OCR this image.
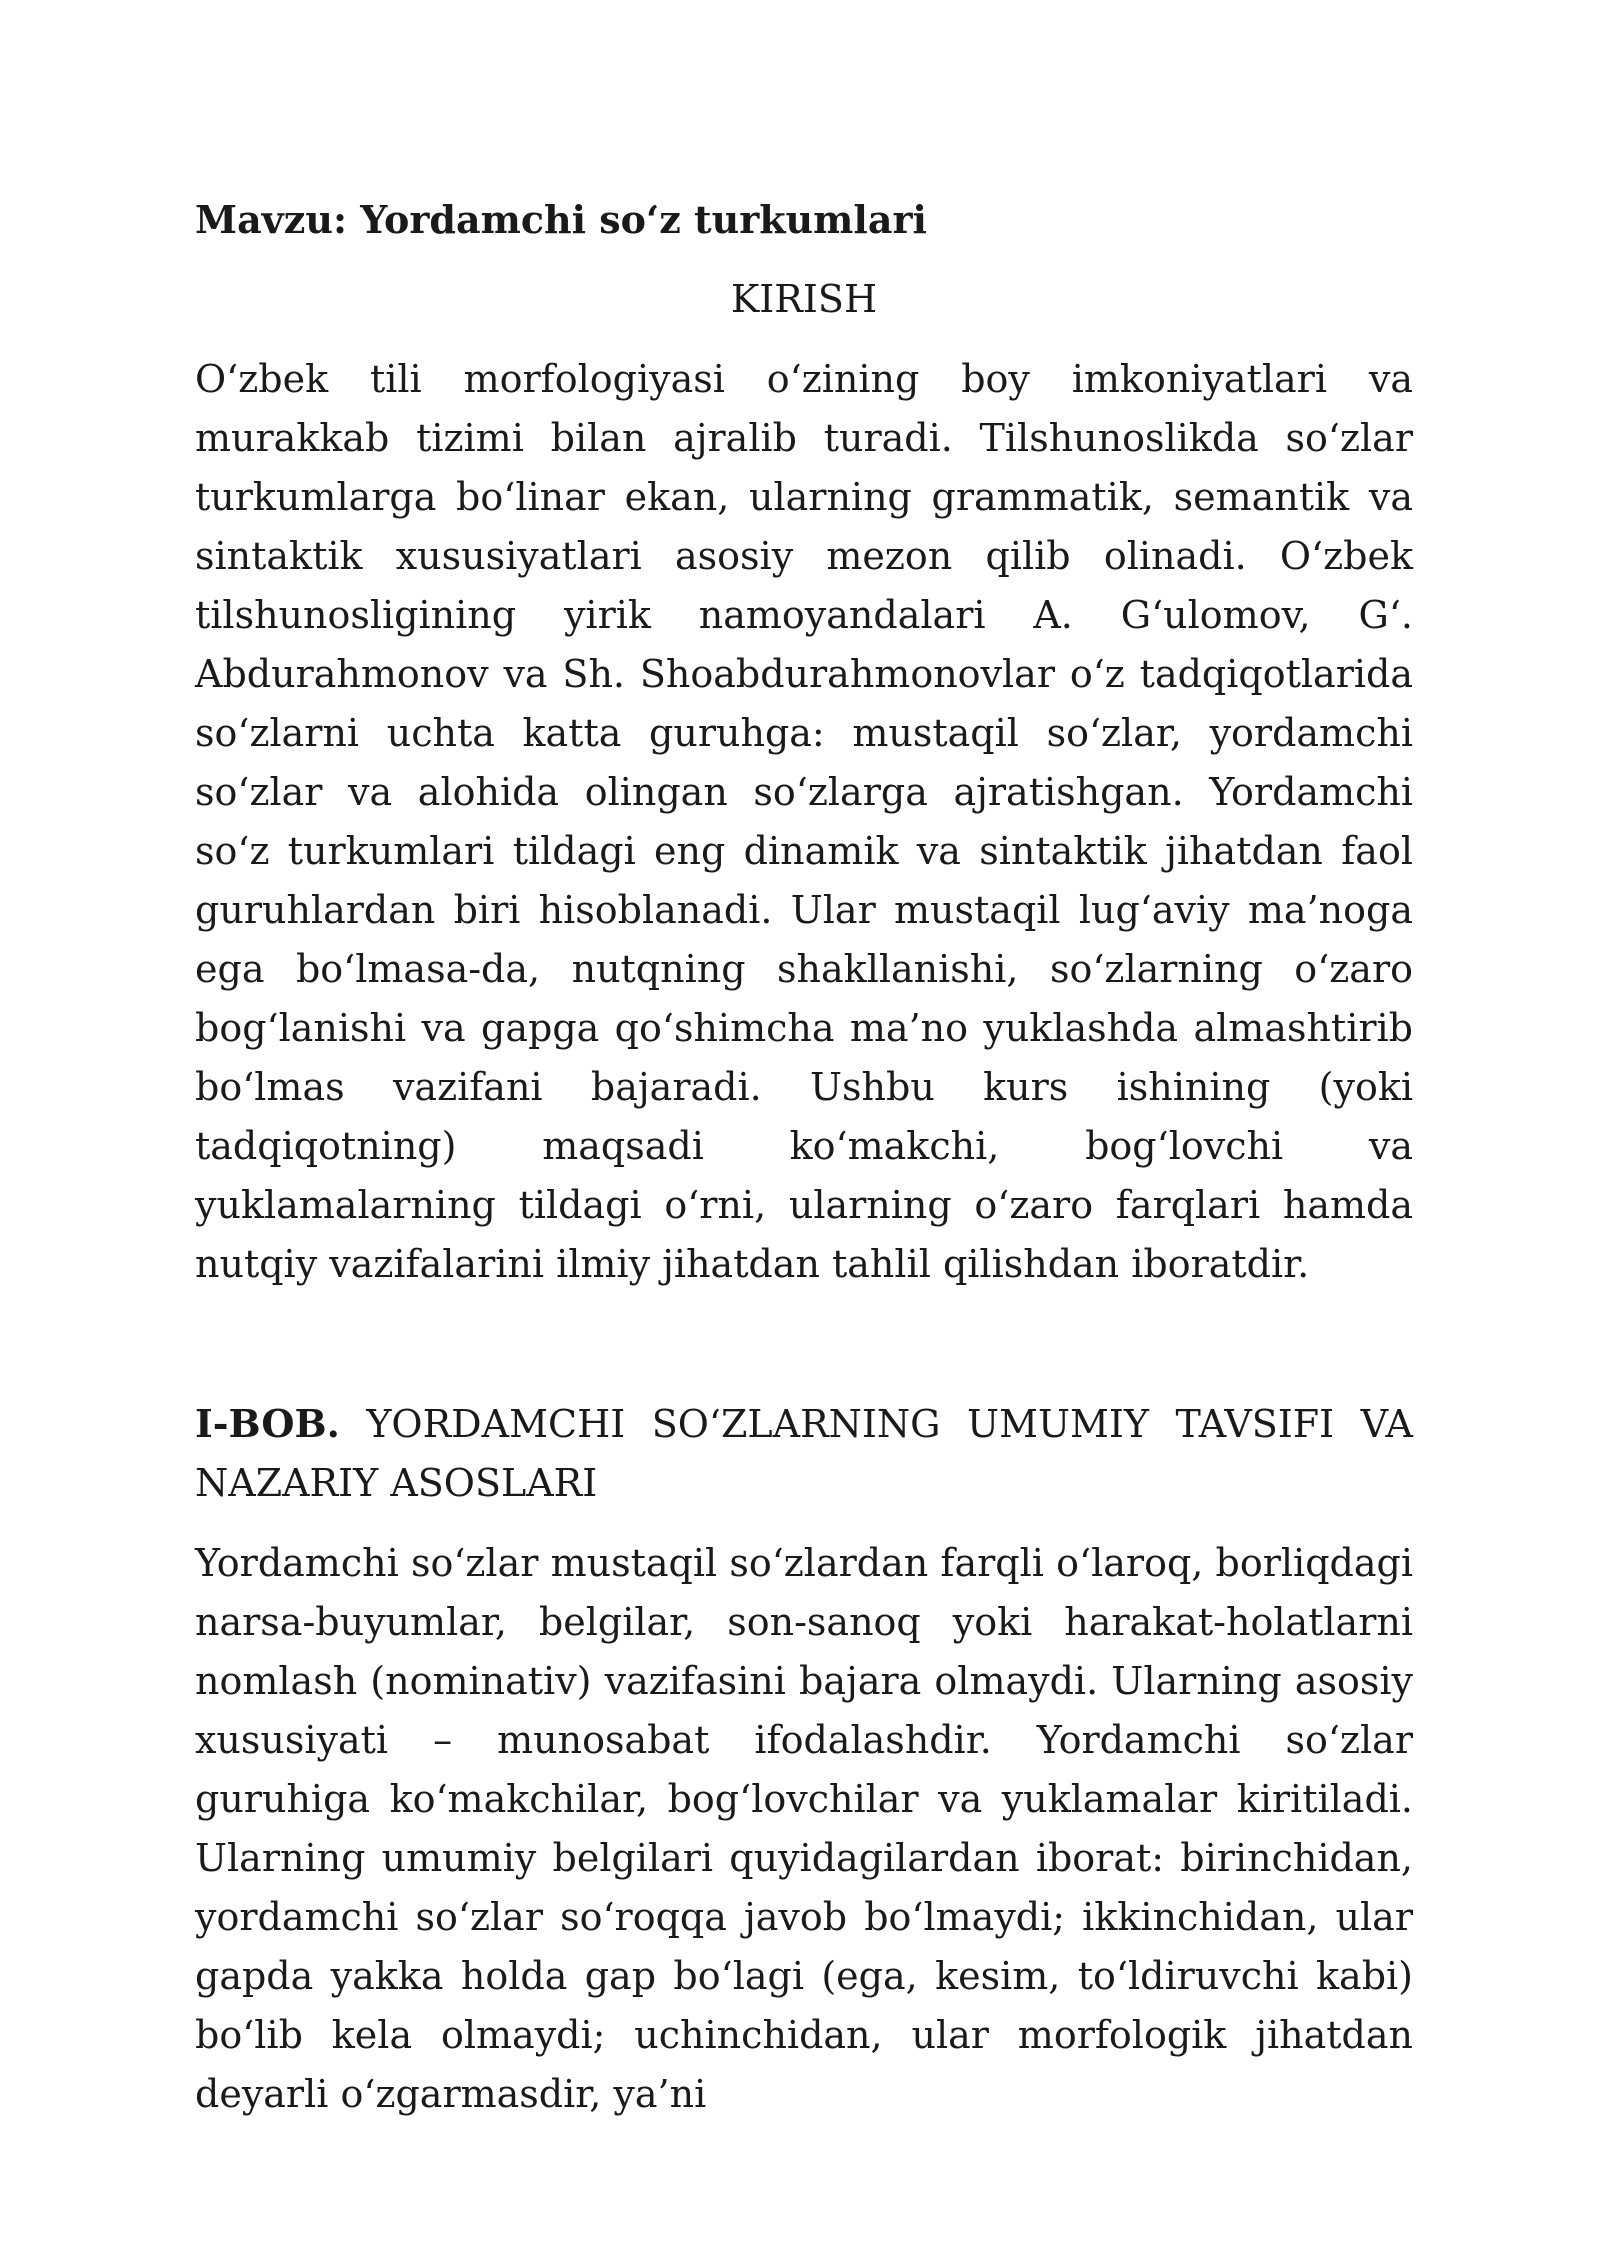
Mavzu: Yordamchi so‘z turkumlari

KIRISH

O‘zbek tili morfologiyasi o‘zining boy imkoniyatlari va murakkab tizimi bilan ajralib turadi. Tilshunoslikda so‘zlar turkumlarga bo‘linar ekan, ularning grammatik, semantik va sintaktik xususiyatlari asosiy mezon qilib olinadi. O‘zbek tilshunosligining yirik namoyandalari A. G‘ulomov, G‘. Abdurahmonov va Sh. Shoabdurahmonovlar o‘z tadqiqotlarida so‘zlarni uchta katta guruhga: mustaqil so‘zlar, yordamchi so‘zlar va alohida olingan so‘zlarga ajratishgan. Yordamchi so‘z turkumlari tildagi eng dinamik va sintaktik jihatdan faol guruhlardan biri hisoblanadi. Ular mustaqil lug‘aviy ma’noga ega bo‘lmasa-da, nutqning shakllanishi, so‘zlarning o‘zaro bog‘lanishi va gapga qo‘shimcha ma’no yuklashda almashtirib bo‘lmas vazifani bajaradi. Ushbu kurs ishining (yoki tadqiqotning) maqsadi ko‘makchi, bog‘lovchi va yuklamalarning tildagi o‘rni, ularning o‘zaro farqlari hamda nutqiy vazifalarini ilmiy jihatdan tahlil qilishdan iboratdir.

I-BOB. YORDAMCHI SO‘ZLARNING UMUMIY TAVSIFI VA NAZARIY ASOSLARI

Yordamchi so‘zlar mustaqil so‘zlardan farqli o‘laroq, borliqdagi narsa-buyumlar, belgilar, son-sanoq yoki harakat-holatlarni nomlash (nominativ) vazifasini bajara olmaydi. Ularning asosiy xususiyati – munosabat ifodalashdir. Yordamchi so‘zlar guruhiga ko‘makchilar, bog‘lovchilar va yuklamalar kiritiladi. Ularning umumiy belgilari quyidagilardan iborat: birinchidan, yordamchi so‘zlar so‘roqqa javob bo‘lmaydi; ikkinchidan, ular gapda yakka holda gap bo‘lagi (ega, kesim, to‘ldiruvchi kabi) bo‘lib kela olmaydi; uchinchidan, ular morfologik jihatdan deyarli o‘zgarmasdir, ya’ni
